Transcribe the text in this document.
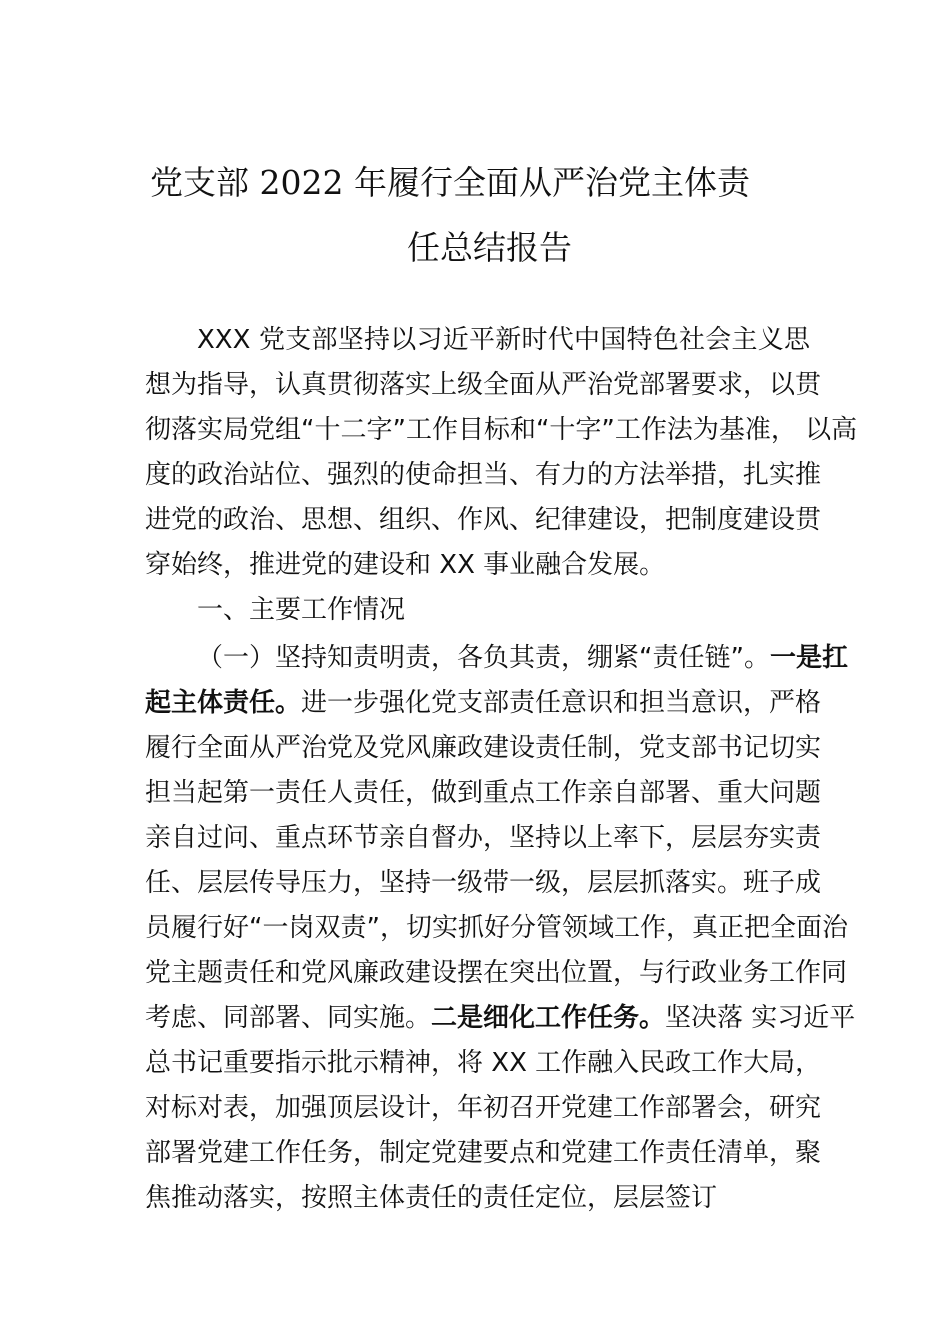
党支部 2022 年履行全面从严治党主体责
任总结报告
XXX 党支部坚持以习近平新时代中国特色社会主义思
想为指导，认真贯彻落实上级全面从严治党部署要求，以贯
彻落实局党组“十二字”工作目标和“十字”工作法为基准， 以高
度的政治站位、强烈的使命担当、有力的方法举措，扎实推
进党的政治、思想、组织、作风、纪律建设，把制度建设贯
穿始终，推进党的建设和 XX 事业融合发展。
一、主要工作情况
（一）坚持知责明责，各负其责，绷紧“责任链”。一是扛
起主体责任。进一步强化党支部责任意识和担当意识，严格
履行全面从严治党及党风廉政建设责任制，党支部书记切实
担当起第一责任人责任，做到重点工作亲自部署、重大问题
亲自过问、重点环节亲自督办，坚持以上率下，层层夯实责
任、层层传导压力，坚持一级带一级，层层抓落实。班子成
员履行好“一岗双责”，切实抓好分管领域工作，真正把全面治
党主题责任和党风廉政建设摆在突出位置，与行政业务工作同
考虑、同部署、同实施。二是细化工作任务。坚决落 实习近平
总书记重要指示批示精神，将 XX 工作融入民政工作大局，
对标对表，加强顶层设计，年初召开党建工作部署会，研究
部署党建工作任务，制定党建要点和党建工作责任清单，聚
焦推动落实，按照主体责任的责任定位，层层签订
